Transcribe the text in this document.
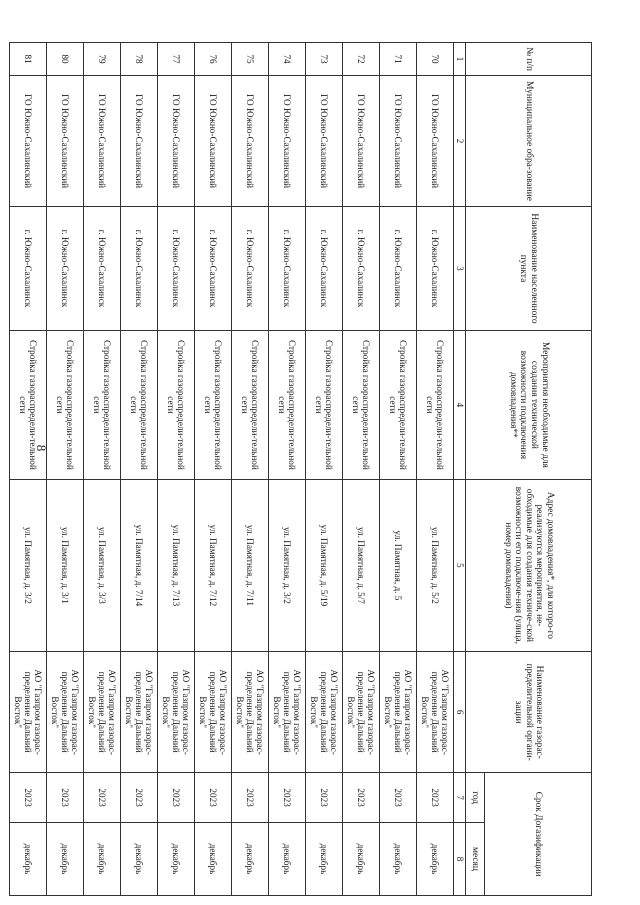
8
№ п/п	Муниципальное обра-зование	Наименование населенного пункта	Мероприятия необходимые для создания технической возможности подключения домовладения**	Адрес домовладения*, для которо-го реализуются мероприятия, не-обходимые для создания техниче-ской возможности его подключе-ния (улица, номер домовладения)	Наименование газорас-пределительной органи-зации	Срок Догазификации	
						год	месяц
1	2	3	4	5	6	7	8
70	ГО Южно-Сахалинский	г. Южно-Сахалинск	Стройка газораспредели-тельной сети	ул. Памятная, д. 5/2	АО "Газпром газорас-пределение Дальний Восток"	2023	декабрь
71	ГО Южно-Сахалинский	г. Южно-Сахалинск	Стройка газораспредели-тельной сети	ул. Памятная, д. 5	АО "Газпром газорас-пределение Дальний Восток"	2023	декабрь
72	ГО Южно-Сахалинский	г. Южно-Сахалинск	Стройка газораспредели-тельной сети	ул. Памятная, д. 5/7	АО "Газпром газорас-пределение Дальний Восток"	2023	декабрь
73	ГО Южно-Сахалинский	г. Южно-Сахалинск	Стройка газораспредели-тельной сети	ул. Памятная, д. 5/19	АО "Газпром газорас-пределение Дальний Восток"	2023	декабрь
74	ГО Южно-Сахалинский	г. Южно-Сахалинск	Стройка газораспредели-тельной сети	ул. Памятная, д. 3/2	АО "Газпром газорас-пределение Дальний Восток"	2023	декабрь
75	ГО Южно-Сахалинский	г. Южно-Сахалинск	Стройка газораспредели-тельной сети	ул. Памятная, д. 7/11	АО "Газпром газорас-пределение Дальний Восток"	2023	декабрь
76	ГО Южно-Сахалинский	г. Южно-Сахалинск	Стройка газораспредели-тельной сети	ул. Памятная, д. 7/12	АО "Газпром газорас-пределение Дальний Восток"	2023	декабрь
77	ГО Южно-Сахалинский	г. Южно-Сахалинск	Стройка газораспредели-тельной сети	ул. Памятная, д. 7/13	АО "Газпром газорас-пределение Дальний Восток"	2023	декабрь
78	ГО Южно-Сахалинский	г. Южно-Сахалинск	Стройка газораспредели-тельной сети	ул. Памятная, д. 7/14	АО "Газпром газорас-пределение Дальний Восток"	2023	декабрь
79	ГО Южно-Сахалинский	г. Южно-Сахалинск	Стройка газораспредели-тельной сети	ул. Памятная, д. 3/3	АО "Газпром газорас-пределение Дальний Восток"	2023	декабрь
80	ГО Южно-Сахалинский	г. Южно-Сахалинск	Стройка газораспредели-тельной сети	ул. Памятная, д. 3/1	АО "Газпром газорас-пределение Дальний Восток"	2023	декабрь
81	ГО Южно-Сахалинский	г. Южно-Сахалинск	Стройка газораспредели-тельной сети	ул. Памятная, д. 3/2	АО "Газпром газорас-пределение Дальний Восток"	2023	декабрь
